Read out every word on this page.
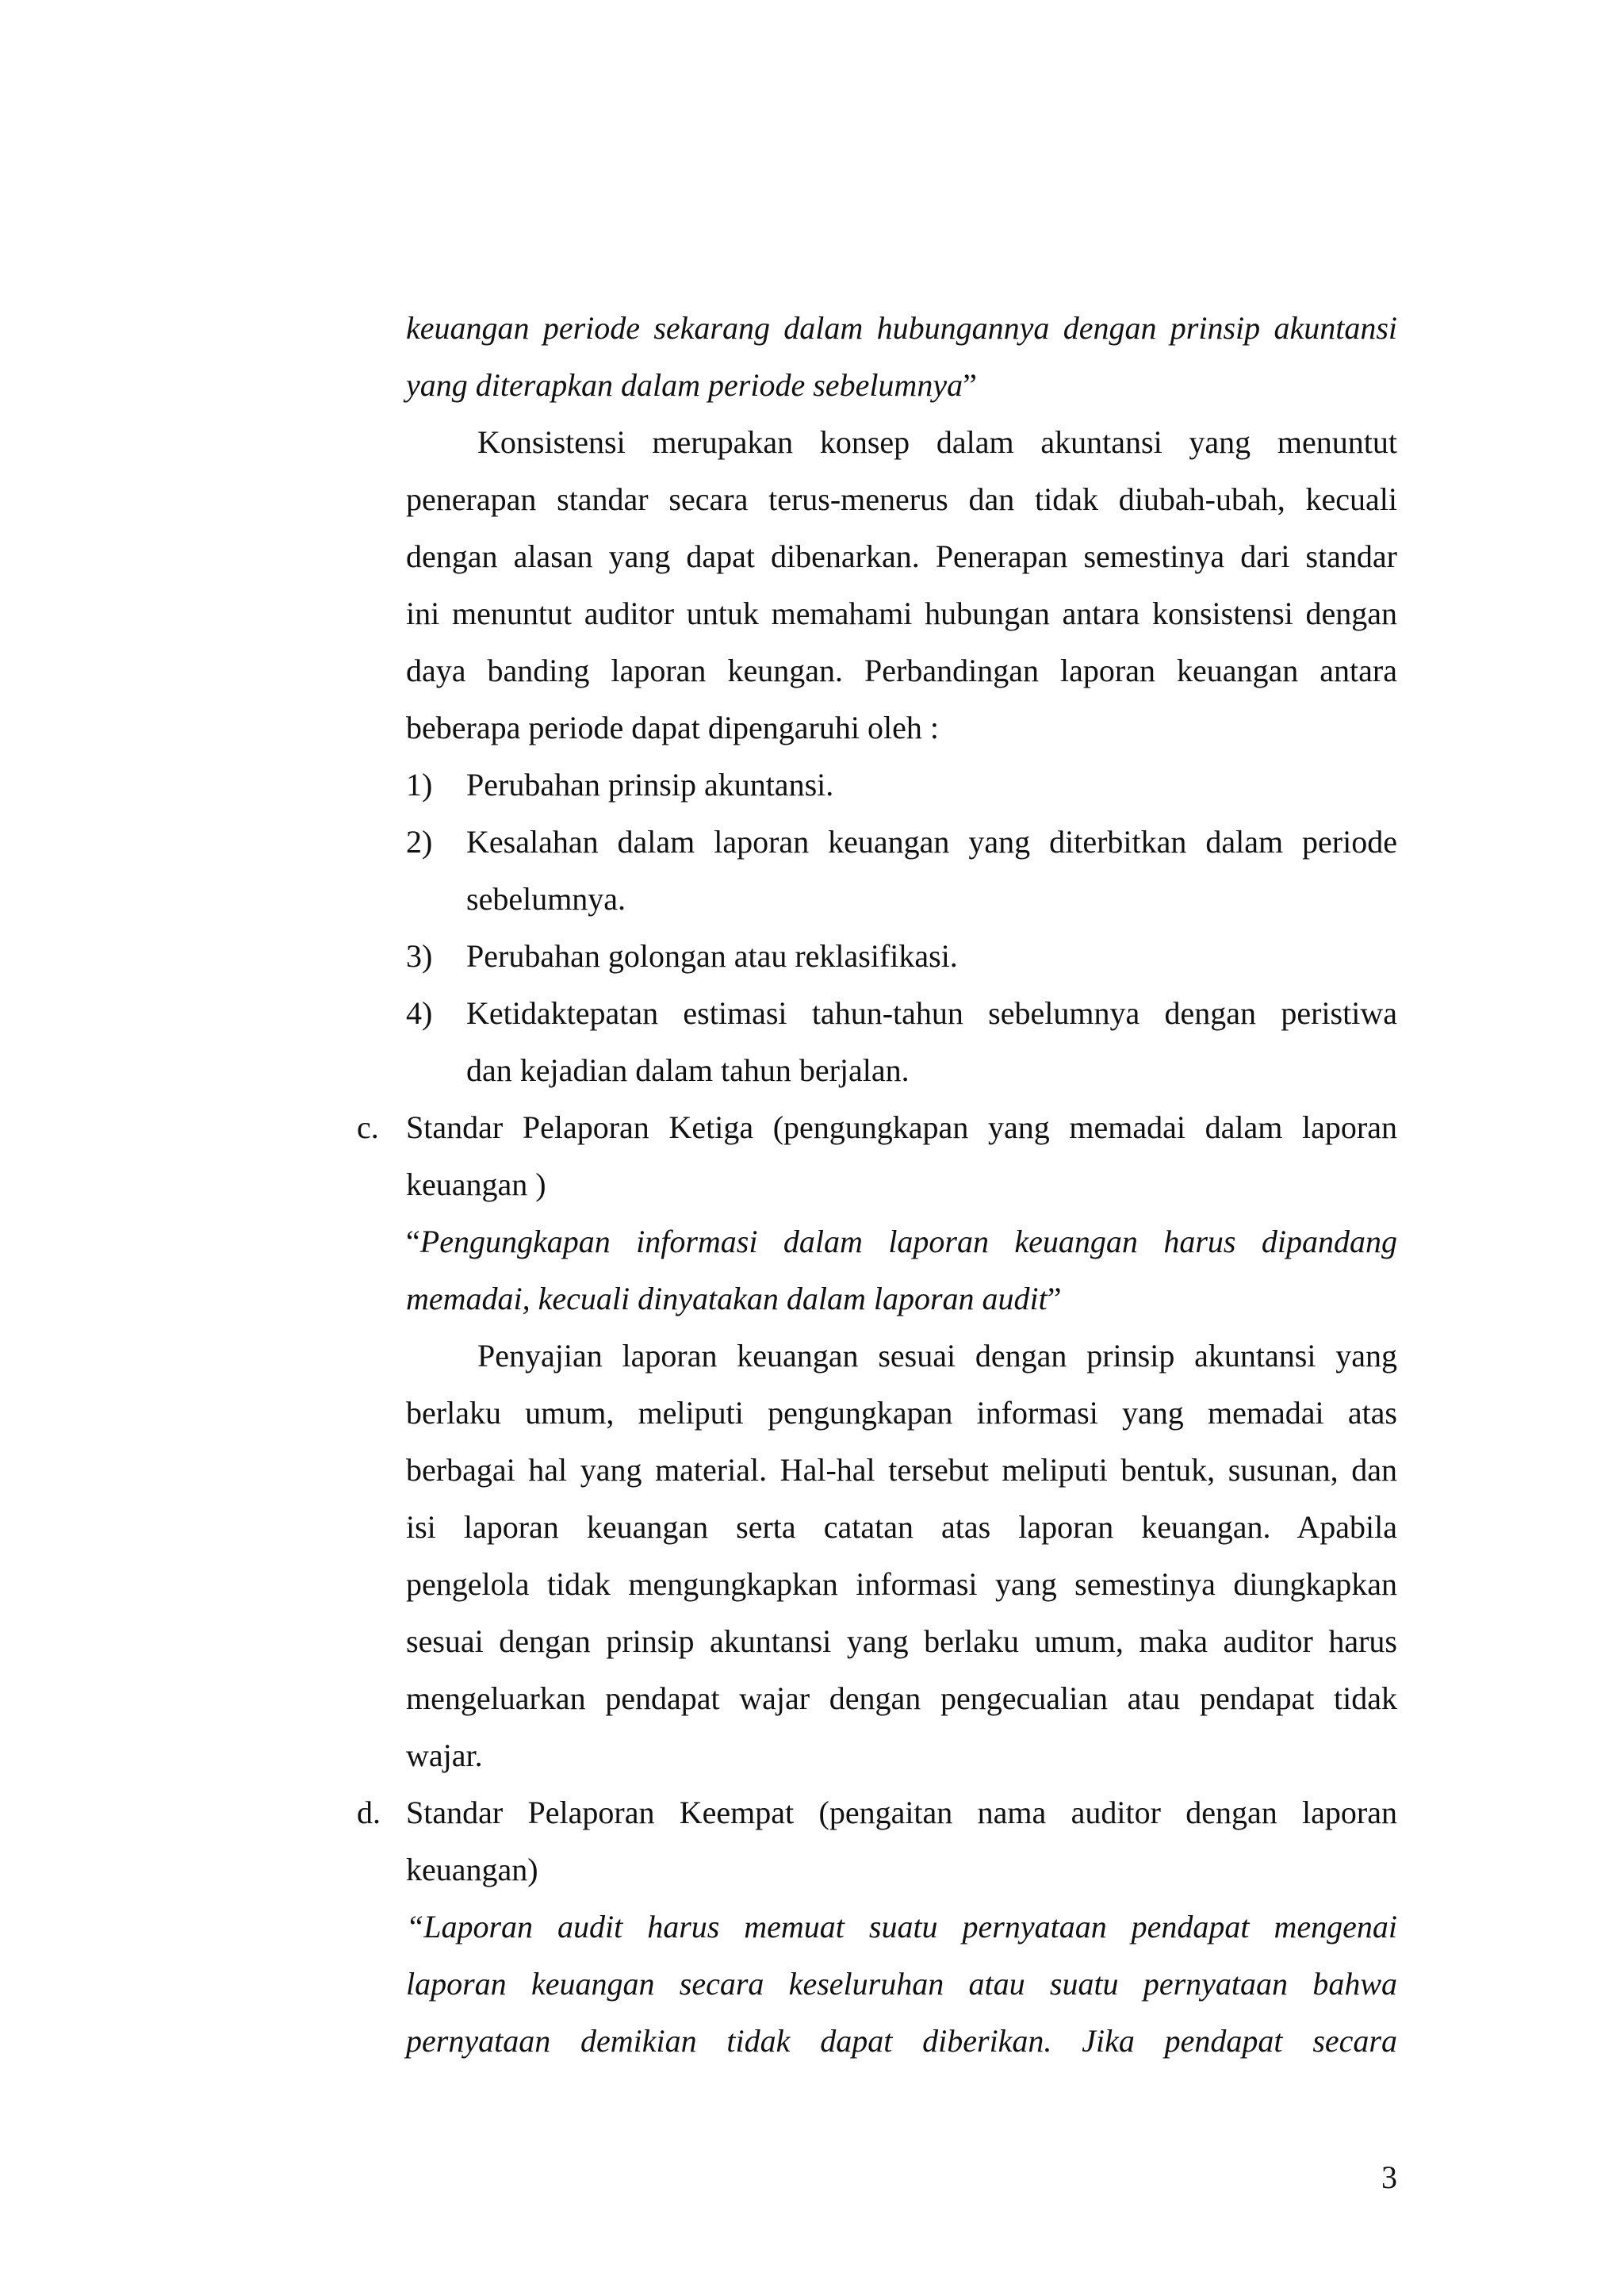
keuangan periode sekarang dalam hubungannya dengan prinsip akuntansi
yang diterapkan dalam periode sebelumnya”
Konsistensi merupakan konsep dalam akuntansi yang menuntut
penerapan standar secara terus-menerus dan tidak diubah-ubah, kecuali
dengan alasan yang dapat dibenarkan. Penerapan semestinya dari standar
ini menuntut auditor untuk memahami hubungan antara konsistensi dengan
daya banding laporan keungan. Perbandingan laporan keuangan antara
beberapa periode dapat dipengaruhi oleh :
1) Perubahan prinsip akuntansi.
2) Kesalahan dalam laporan keuangan yang diterbitkan dalam periode
sebelumnya.
3) Perubahan golongan atau reklasifikasi.
4) Ketidaktepatan estimasi tahun-tahun sebelumnya dengan peristiwa
dan kejadian dalam tahun berjalan.
c. Standar Pelaporan Ketiga (pengungkapan yang memadai dalam laporan
keuangan )
“Pengungkapan informasi dalam laporan keuangan harus dipandang
memadai, kecuali dinyatakan dalam laporan audit”
Penyajian laporan keuangan sesuai dengan prinsip akuntansi yang
berlaku umum, meliputi pengungkapan informasi yang memadai atas
berbagai hal yang material. Hal-hal tersebut meliputi bentuk, susunan, dan
isi laporan keuangan serta catatan atas laporan keuangan. Apabila
pengelola tidak mengungkapkan informasi yang semestinya diungkapkan
sesuai dengan prinsip akuntansi yang berlaku umum, maka auditor harus
mengeluarkan pendapat wajar dengan pengecualian atau pendapat tidak
wajar.
d. Standar Pelaporan Keempat (pengaitan nama auditor dengan laporan
keuangan)
“Laporan audit harus memuat suatu pernyataan pendapat mengenai
laporan keuangan secara keseluruhan atau suatu pernyataan bahwa
pernyataan demikian tidak dapat diberikan. Jika pendapat secara
3
